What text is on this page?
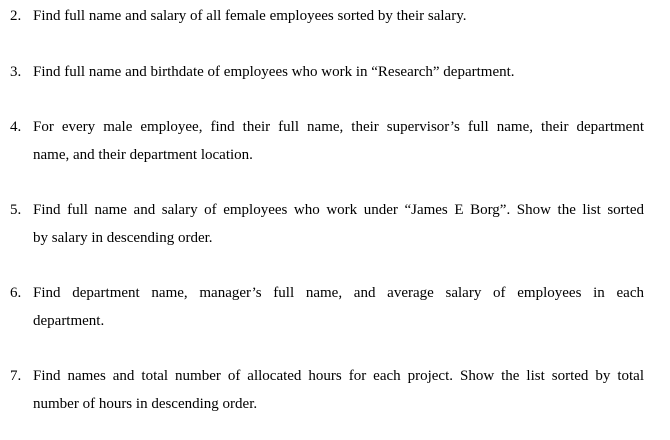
2. Find full name and salary of all female employees sorted by their salary.
3. Find full name and birthdate of employees who work in “Research” department.
4. For every male employee, find their full name, their supervisor’s full name, their department
name, and their department location.
5. Find full name and salary of employees who work under “James E Borg”. Show the list sorted
by salary in descending order.
6. Find department name, manager’s full name, and average salary of employees in each
department.
7. Find names and total number of allocated hours for each project. Show the list sorted by total
number of hours in descending order.
